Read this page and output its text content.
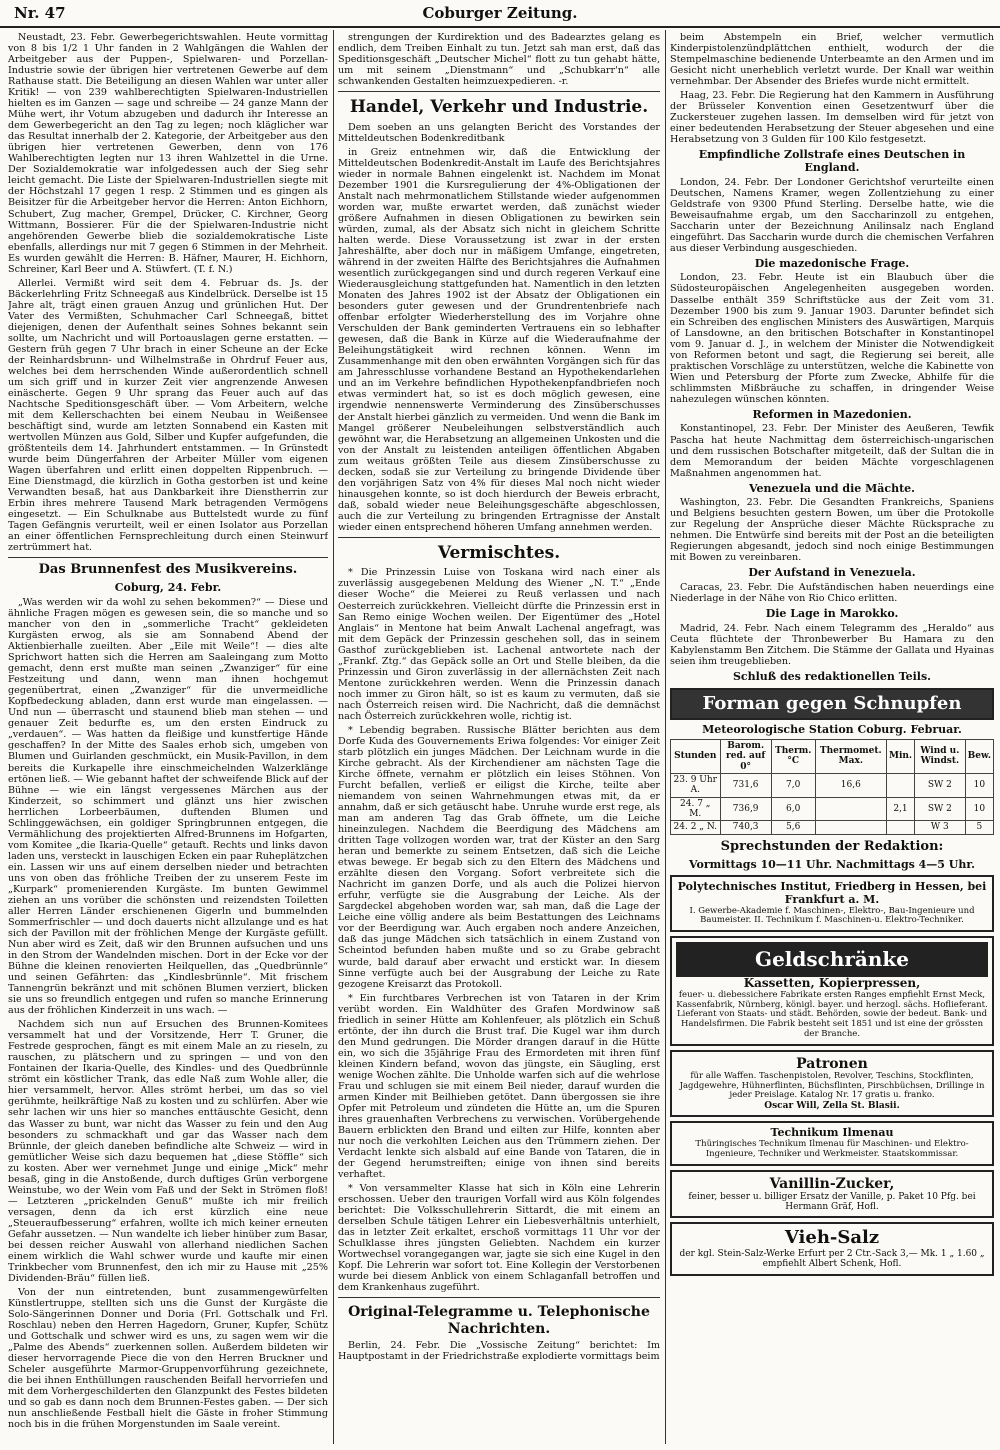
Nr. 47	Coburger Zeitung.

Neustadt, 23. Febr. Gewerbegerichtswahlen. Heute vormittag von 8 bis 1/2 1 Uhr fanden in 2 Wahlgängen die Wahlen der Arbeitgeber aus der Puppen-, Spielwaren- und Porzellan-Industrie sowie der übrigen hier vertretenen Gewerbe auf dem Rathause statt. Die Beteiligung an diesen Wahlen war unter aller Kritik! — von 239 wahlberechtigten Spielwaren-Industriellen hielten es im Ganzen — sage und schreibe — 24 ganze Mann der Mühe wert, ihr Votum abzugeben und dadurch ihr Interesse an dem Gewerbegericht an den Tag zu legen; noch kläglicher war das Resultat innerhalb der 2. Kategorie, der Arbeitgeber aus den übrigen hier vertretenen Gewerben, denn von 176 Wahlberechtigten legten nur 13 ihren Wahlzettel in die Urne. Der Sozialdemokratie war infolgedessen auch der Sieg sehr leicht gemacht. Die Liste der Spielwaren-Industriellen siegte mit der Höchstzahl 17 gegen 1 resp. 2 Stimmen und es gingen als Beisitzer für die Arbeitgeber hervor die Herren: Anton Eichhorn, Schubert, Zug macher, Grempel, Drücker, C. Kirchner, Georg Wittmann, Bossierer. Für die der Spielwaren-Industrie nicht angehörenden Gewerbe blieb die sozialdemokratische Liste ebenfalls, allerdings nur mit 7 gegen 6 Stimmen in der Mehrheit. Es wurden gewählt die Herren: B. Häfner, Maurer, H. Eichhorn, Schreiner, Karl Beer und A. Stüwfert. (T. f. N.)

Allerlei. Vermißt wird seit dem 4. Februar ds. Js. der Bäckerlehrling Fritz Schneegaß aus Kindelbrück. Derselbe ist 15 Jahre alt, trägt einen grauen Anzug und grünlichen Hut. Der Vater des Vermißten, Schuhmacher Carl Schneegaß, bittet diejenigen, denen der Aufenthalt seines Sohnes bekannt sein sollte, um Nachricht und will Portoauslagen gerne erstatten. — Gestern früh gegen 7 Uhr brach in einer Scheune an der Ecke der Reinhardsbrunn- und Wilhelmstraße in Ohrdruf Feuer aus, welches bei dem herrschenden Winde außerordentlich schnell um sich griff und in kurzer Zeit vier angrenzende Anwesen einäscherte. Gegen 9 Uhr sprang das Feuer auch auf das Nachtsche Speditionsgeschäft über. — Vom Arbeitern, welche mit dem Kellerschachten bei einem Neubau in Weißensee beschäftigt sind, wurde am letzten Sonnabend ein Kasten mit wertvollen Münzen aus Gold, Silber und Kupfer aufgefunden, die größtenteils dem 14. Jahrhundert entstammen. — In Grünstedt wurde beim Düngerfahren der Arbeiter Müller vom eigenen Wagen überfahren und erlitt einen doppelten Rippenbruch. — Eine Dienstmagd, die kürzlich in Gotha gestorben ist und keine Verwandten besaß, hat aus Dankbarkeit ihre Dienstherrin zur Erbin ihres mehrere Tausend Mark betragenden Vermögens eingesetzt. — Ein Schulknabe aus Buttelstedt wurde zu fünf Tagen Gefängnis verurteilt, weil er einen Isolator aus Porzellan an einer öffentlichen Fernsprechleitung durch einen Steinwurf zertrümmert hat.

Das Brunnenfest des Musikvereins.
Coburg, 24. Febr.

„Was werden wir da wohl zu sehen bekommen?“ — Diese und ähnliche Fragen mögen es gewesen sein, die so manche und so mancher von den in „sommerliche Tracht“ gekleideten Kurgästen erwog, als sie am Sonnabend Abend der Aktienbierhalle zueilten. Aber „Eile mit Weile“! — dies alte Sprichwort hatten sich die Herren am Saaleingang zum Motto gemacht, denn erst mußte man seinen „Zwanziger“ für eine Festzeitung und dann, wenn man ihnen hochgemut gegenübertrat, einen „Zwanziger“ für die unvermeidliche Kopfbedeckung abladen, dann erst wurde man eingelassen. — Und nun — überrascht und staunend blieb man stehen — und genauer Zeit bedurfte es, um den ersten Eindruck zu „verdauen“. — Was hatten da fleißige und kunstfertige Hände geschaffen? In der Mitte des Saales erhob sich, umgeben von Blumen und Guirlanden geschmückt, ein Musik-Pavillon, in dem bereits die Kurkapelle ihre einschmeichelnden Walzerklänge ertönen ließ. — Wie gebannt haftet der schweifende Blick auf der Bühne — wie ein längst vergessenes Märchen aus der Kinderzeit, so schimmert und glänzt uns hier zwischen herrlichen Lorbeerbäumen, duftenden Blumen und Schlinggewächsen, ein goldiger Springbrunnen entgegen, die Vermählichung des projektierten Alfred-Brunnens im Hofgarten, vom Komitee „die Ikaria-Quelle“ getauft. Rechts und links davon laden uns, versteckt in lauschigen Ecken ein paar Ruheplätzchen ein. Lassen wir uns auf einem derselben nieder und betrachten uns von oben das fröhliche Treiben der zu unserem Feste im „Kurpark“ promenierenden Kurgäste. Im bunten Gewimmel ziehen an uns vorüber die schönsten und reizendsten Toiletten aller Herren Länder erschienenen Gigerln und bummelnden Sommerfrischler — und doch dauerts nicht allzulange und es hat sich der Pavillon mit der fröhlichen Menge der Kurgäste gefüllt. Nun aber wird es Zeit, daß wir den Brunnen aufsuchen und uns in den Strom der Wandelnden mischen. Dort in der Ecke vor der Bühne die kleinen renovierten Heilquellen, das „Quedbrünnle“ und seinen Gefährten: das „Kindlesbrünnle“. Mit frischem Tannengrün bekränzt und mit schönen Blumen verziert, blicken sie uns so freundlich entgegen und rufen so manche Erinnerung aus der fröhlichen Kinderzeit in uns wach. —

Nachdem sich nun auf Ersuchen des Brunnen-Komitees versammelt hat und der Vorsitzende, Herr T. Gruner, die Festrede gesprochen, fängt es mit einem Male an zu rieseln, zu rauschen, zu plätschern und zu springen — und von den Fontainen der Ikaria-Quelle, des Kindles- und des Quedbrünnle strömt ein köstlicher Trank, das edle Naß zum Wohle aller, die hier versammelt, hervor. Alles strömt herbei, um das so viel gerühmte, heilkräftige Naß zu kosten und zu schlürfen. Aber wie sehr lachen wir uns hier so manches enttäuschte Gesicht, denn das Wasser zu bunt, war nicht das Wasser zu fein und den Aug besonders zu schmackhaft und gar das Wasser nach dem Brünnle, der gleich daneben befindliche alte Schweiz — wird in gemütlicher Weise sich dazu bequemen hat „diese Stöffle“ sich zu kosten. Aber wer vernehmet Junge und einige „Mick“ mehr besaß, ging in die Anstoßende, durch duftiges Grün verborgene Weinstube, wo der Wein vom Faß und der Sekt in Strömen floß! — Letzteren „prickelnden Genuß“ mußte ich mir freilich versagen, denn da ich erst kürzlich eine neue „Steueraufbesserung“ erfahren, wollte ich mich keiner erneuten Gefahr aussetzen. — Nun wandelte ich lieber hinüber zum Basar, bei dessen reicher Auswahl von allerhand niedlichen Sachen einem wirklich die Wahl schwer wurde und kaufte mir einen Trinkbecher vom Brunnenfest, den ich mir zu Hause mit „25% Dividenden-Bräu“ füllen ließ.

Von der nun eintretenden, bunt zusammengewürfelten Künstlertruppe, stellten sich uns die Gunst der Kurgäste die Solo-Sängerinnen Donner und Doria (Frl. Gottschalk und Frl. Roschlau) neben den Herren Hagedorn, Gruner, Kupfer, Schütz und Gottschalk und schwer wird es uns, zu sagen wem wir die „Palme des Abends“ zuerkennen sollen. Außerdem bildeten wir dieser hervorragende Piece die von den Herren Bruckner und Scheler ausgeführte Marmor-Gruppenvorführung gezeichnete, die bei ihnen Enthüllungen rauschenden Beifall hervorriefen und mit dem Vorhergeschilderten den Glanzpunkt des Festes bildeten und so gab es dann noch dem Brunnen-Festes gaben. — Der sich nun anschließende Festball hielt die Gäste in froher Stimmung noch bis in die frühen Morgenstunden im Saale vereint.

strengungen der Kurdirektion und des Badearztes gelang es endlich, dem Treiben Einhalt zu tun. Jetzt sah man erst, daß das Speditionsgeschäft „Deutscher Michel“ flott zu tun gehabt hätte, um mit seinem „Dienstmann“ und „Schubkarr'n“ alle schwankenden Gestalten heimzuexpedieren. -r.

Handel, Verkehr und Industrie.

Dem soeben an uns gelangten Bericht des Vorstandes der Mitteldeutschen Bodenkreditbank

in Greiz entnehmen wir, daß die Entwicklung der Mitteldeutschen Bodenkredit-Anstalt im Laufe des Berichtsjahres wieder in normale Bahnen eingelenkt ist. Nachdem im Monat Dezember 1901 die Kursregulierung der 4%-Obligationen der Anstalt nach mehrmonatlichem Stillstande wieder aufgenommen worden war, mußte erwartet werden, daß zunächst wieder größere Aufnahmen in diesen Obligationen zu bewirken sein würden, zumal, als der Absatz sich nicht in gleichem Schritte halten werde. Diese Voraussetzung ist zwar in der ersten Jahreshälfte, aber doch nur in mäßigem Umfange, eingetreten, während in der zweiten Hälfte des Berichtsjahres die Aufnahmen wesentlich zurückgegangen sind und durch regeren Verkauf eine Wiederausgleichung stattgefunden hat. Namentlich in den letzten Monaten des Jahres 1902 ist der Absatz der Obligationen ein besonders guter gewesen und der Grundrentenbriefe nach offenbar erfolgter Wiederherstellung des im Vorjahre ohne Verschulden der Bank geminderten Vertrauens ein so lebhafter gewesen, daß die Bank in Kürze auf die Wiederaufnahme der Beleihungstätigkeit wird rechnen können. Wenn im Zusammenhange mit den oben erwähnten Vorgängen sich für das am Jahresschlusse vorhandene Bestand an Hypothekendarlehen und an im Verkehre befindlichen Hypothekenpfandbriefen noch etwas vermindert hat, so ist es doch möglich gewesen, eine irgendwie nennenswerte Verminderung des Zinsüberschusses der Anstalt hierbei gänzlich zu vermeiden. Und wenn die Bank im Mangel größerer Neubeleihungen selbstverständlich auch gewöhnt war, die Herabsetzung an allgemeinen Unkosten und die von der Anstalt zu leistenden anteiligen öffentlichen Abgaben zum weitaus größten Teile aus diesem Zinsüberschusse zu decken, sodaß sie zur Verteilung zu bringende Dividende über den vorjährigen Satz von 4% für dieses Mal noch nicht wieder hinausgehen konnte, so ist doch hierdurch der Beweis erbracht, daß, sobald wieder neue Beleihungsgeschäfte abgeschlossen, auch die zur Verteilung zu bringenden Ertragnisse der Anstalt wieder einen entsprechend höheren Umfang annehmen werden.

Vermischtes.

* Die Prinzessin Luise von Toskana wird nach einer als zuverlässig ausgegebenen Meldung des Wiener „N. T.“ „Ende dieser Woche“ die Meierei zu Reuß verlassen und nach Oesterreich zurückkehren. Vielleicht dürfte die Prinzessin erst in San Remo einige Wochen weilen. Der Eigentümer des „Hotel Anglais“ in Mentone hat beim Anwalt Lachenal angefragt, was mit dem Gepäck der Prinzessin geschehen soll, das in seinem Gasthof zurückgeblieben ist. Lachenal antwortete nach der „Frankf. Ztg.“ das Gepäck solle an Ort und Stelle bleiben, da die Prinzessin und Giron zuverlässig in der allernächsten Zeit nach Mentone zurückkehren werden. Wenn die Prinzessin danach noch immer zu Giron hält, so ist es kaum zu vermuten, daß sie nach Österreich reisen wird. Die Nachricht, daß die demnächst nach Österreich zurückkehren wolle, richtig ist.

* Lebendig begraben. Russische Blätter berichten aus dem Dorfe Kuda des Gouvernements Eriwa folgendes: Vor einiger Zeit starb plötzlich ein junges Mädchen. Der Leichnam wurde in die Kirche gebracht. Als der Kirchendiener am nächsten Tage die Kirche öffnete, vernahm er plötzlich ein leises Stöhnen. Von Furcht befallen, verließ er eiligst die Kirche, teilte aber niemandem von seinen Wahrnehmungen etwas mit, da er annahm, daß er sich getäuscht habe. Unruhe wurde erst rege, als man am anderen Tag das Grab öffnete, um die Leiche hineinzulegen. Nachdem die Beerdigung des Mädchens am dritten Tage vollzogen worden war, trat der Küster an den Sarg heran und bemerkte zu seinem Entsetzen, daß sich die Leiche etwas bewege. Er begab sich zu den Eltern des Mädchens und erzählte diesen den Vorgang. Sofort verbreitete sich die Nachricht im ganzen Dorfe, und als auch die Polizei hiervon erfuhr, verfügte sie die Ausgrabung der Leiche. Als der Sargdeckel abgehoben worden war, sah man, daß die Lage der Leiche eine völlig andere als beim Bestattungen des Leichnams vor der Beerdigung war. Auch ergaben noch andere Anzeichen, daß das junge Mädchen sich tatsächlich in einem Zustand von Scheintod befunden haben mußte und so zu Grabe gebracht wurde, bald darauf aber erwacht und erstickt war. In diesem Sinne verfügte auch bei der Ausgrabung der Leiche zu Rate gezogene Kreisarzt das Protokoll.

* Ein furchtbares Verbrechen ist von Tataren in der Krim verübt worden. Ein Waldhüter des Grafen Mordwinow saß friedlich in seiner Hütte am Kohlenfeuer, als plötzlich ein Schuß ertönte, der ihn durch die Brust traf. Die Kugel war ihm durch den Mund gedrungen. Die Mörder drangen darauf in die Hütte ein, wo sich die 35jährige Frau des Ermordeten mit ihren fünf kleinen Kindern befand, wovon das jüngste, ein Säugling, erst wenige Wochen zählte. Die Unholde warfen sich auf die wehrlose Frau und schlugen sie mit einem Beil nieder, darauf wurden die armen Kinder mit Beilhieben getötet. Dann übergossen sie ihre Opfer mit Petroleum und zündeten die Hütte an, um die Spuren ihres grauenhaften Verbrechens zu verwischen. Vorübergehende Bauern erblickten den Brand und eilten zur Hilfe, konnten aber nur noch die verkohlten Leichen aus den Trümmern ziehen. Der Verdacht lenkte sich alsbald auf eine Bande von Tataren, die in der Gegend herumstreiften; einige von ihnen sind bereits verhaftet.

* Von versammelter Klasse hat sich in Köln eine Lehrerin erschossen. Ueber den traurigen Vorfall wird aus Köln folgendes berichtet: Die Volksschullehrerin Sittardt, die mit einem an derselben Schule tätigen Lehrer ein Liebesverhältnis unterhielt, das in letzter Zeit erkaltet, erschoß vormittags 11 Uhr vor der Schulklasse ihres jüngsten Geliebten. Nachdem ein kurzer Wortwechsel vorangegangen war, jagte sie sich eine Kugel in den Kopf. Die Lehrerin war sofort tot. Eine Kollegin der Verstorbenen wurde bei diesem Anblick von einem Schlaganfall betroffen und dem Krankenhaus zugeführt.

Original-Telegramme u. Telephonische Nachrichten.

Berlin, 24. Febr. Die „Vossische Zeitung“ berichtet: Im Hauptpostamt in der Friedrichstraße explodierte vormittags beim

beim Abstempeln ein Brief, welcher vermutlich Kinderpistolenzündplättchen enthielt, wodurch der die Stempelmaschine bedienende Unterbeamte an den Armen und im Gesicht nicht unerheblich verletzt wurde. Der Knall war weithin vernehmbar. Der Absender des Briefes wurde nicht ermittelt.

Haag, 23. Febr. Die Regierung hat den Kammern in Ausführung der Brüsseler Konvention einen Gesetzentwurf über die Zuckersteuer zugehen lassen. Im demselben wird für jetzt von einer bedeutenden Herabsetzung der Steuer abgesehen und eine Herabsetzung von 3 Gulden für 100 Kilo festgesetzt.

Empfindliche Zollstrafe eines Deutschen in England.

London, 24. Febr. Der Londoner Gerichtshof verurteilte einen Deutschen, Namens Kramer, wegen Zollentziehung zu einer Geldstrafe von 9300 Pfund Sterling. Derselbe hatte, wie die Beweisaufnahme ergab, um den Saccharinzoll zu entgehen, Saccharin unter der Bezeichnung Anilinsalz nach England eingeführt. Das Saccharin wurde durch die chemischen Verfahren aus dieser Verbindung ausgeschieden.

Die mazedonische Frage.

London, 23. Febr. Heute ist ein Blaubuch über die Südosteuropäischen Angelegenheiten ausgegeben worden. Dasselbe enthält 359 Schriftstücke aus der Zeit vom 31. Dezember 1900 bis zum 9. Januar 1903. Darunter befindet sich ein Schreiben des englischen Ministers des Auswärtigen, Marquis of Lansdowne, an den britischen Botschafter in Konstantinopel vom 9. Januar d. J., in welchem der Minister die Notwendigkeit von Reformen betont und sagt, die Regierung sei bereit, alle praktischen Vorschläge zu unterstützen, welche die Kabinette von Wien und Petersburg der Pforte zum Zwecke, Abhilfe für die schlimmsten Mißbräuche zu schaffen, in dringender Weise nahezulegen wünschen könnten.

Reformen in Mazedonien.

Konstantinopel, 23. Febr. Der Minister des Aeußeren, Tewfik Pascha hat heute Nachmittag dem österreichisch-ungarischen und dem russischen Botschafter mitgeteilt, daß der Sultan die in dem Memorandum der beiden Mächte vorgeschlagenen Maßnahmen angenommen hat.

Venezuela und die Mächte.

Washington, 23. Febr. Die Gesandten Frankreichs, Spaniens und Belgiens besuchten gestern Bowen, um über die Protokolle zur Regelung der Ansprüche dieser Mächte Rücksprache zu nehmen. Die Entwürfe sind bereits mit der Post an die beteiligten Regierungen abgesandt, jedoch sind noch einige Bestimmungen mit Bowen zu vereinbaren.

Der Aufstand in Venezuela.

Caracas, 23. Febr. Die Aufständischen haben neuerdings eine Niederlage in der Nähe von Rio Chico erlitten.

Die Lage in Marokko.

Madrid, 24. Febr. Nach einem Telegramm des „Heraldo“ aus Ceuta flüchtete der Thronbewerber Bu Hamara zu den Kabylenstamm Ben Zitchem. Die Stämme der Gallata und Hyainas seien ihm treugeblieben.

Schluß des redaktionellen Teils.
Forman gegen Schnupfen
Meteorologische Station Coburg. Februar.
Stunden	Barom. red. auf 0°	Therm. °C	Thermomet. Max.	Min.	Wind u. Windst.	Bew.
23. 9 Uhr A.	731,6	7,0	16,6		SW 2	10
24. 7 „ M.	736,9	6,0		2,1	SW 2	10
24. 2 „ N.	740,3	5,6			W 3	5
Sprechstunden der Redaktion:
Vormittags 10—11 Uhr. Nachmittags 4—5 Uhr.
Polytechnisches Institut, Friedberg in Hessen, bei Frankfurt a. M.
I. Gewerbe-Akademie f. Maschinen-, Elektro-, Bau-Ingenieure und Baumeister. II. Technikum f. Maschinen-u. Elektro-Techniker.
Geldschränke
Kassetten, Kopierpressen,
feuer- u. diebessichere Fabrikate ersten Ranges empfiehlt Ernst Meck, Kassenfabrik, Nürnberg, königl. bayer. und herzogl. sächs. Hoflieferant. Lieferant von Staats- und städt. Behörden, sowie der bedeut. Bank- und Handelsfirmen. Die Fabrik besteht seit 1851 und ist eine der grössten der Branche.
Patronen
für alle Waffen. Taschenpistolen, Revolver, Teschins, Stockflinten, Jagdgewehre, Hühnerflinten, Büchsflinten, Pirschbüchsen, Drillinge in jeder Preislage. Katalog Nr. 17 gratis u. franko.
Oscar Will, Zella St. Blasii.
Technikum Ilmenau
Thüringisches Technikum Ilmenau für Maschinen- und Elektro-Ingenieure, Techniker und Werkmeister. Staatskommissar.
Vanillin-Zucker,
feiner, besser u. billiger Ersatz der Vanille, p. Paket 10 Pfg. bei Hermann Gräf, Hofl.
Vieh-Salz
der kgl. Stein-Salz-Werke Erfurt per 2 Ctr.-Sack 3,— Mk. 1 „ 1.60 „ empfiehlt Albert Schenk, Hofl.
